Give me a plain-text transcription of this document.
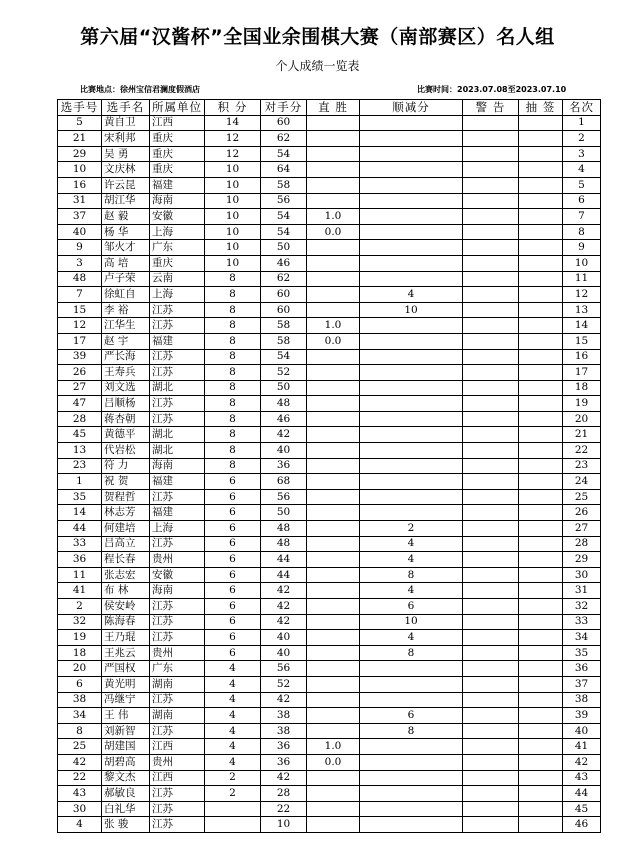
第六届“汉酱杯”全国业余围棋大赛（南部赛区）名人组
个人成绩一览表
比赛地点：徐州宝信君澜度假酒店	比赛时间：2023.07.08至2023.07.10
选手号	选手名	所属单位	积 分	对手分	直 胜	顺减分	警 告	抽 签	名次
5	黄自卫	江西	14	60					1
21	宋利邦	重庆	12	62					2
29	吴 勇	重庆	12	54					3
10	文庆林	重庆	10	64					4
16	许云昆	福建	10	58					5
31	胡江华	海南	10	56					6
37	赵 毅	安徽	10	54	1.0				7
40	杨 华	上海	10	54	0.0				8
9	邹火才	广东	10	50					9
3	高 培	重庆	10	46					10
48	卢子荣	云南	8	62					11
7	徐虹自	上海	8	60		4			12
15	李 裕	江苏	8	60		10			13
12	江华生	江苏	8	58	1.0				14
17	赵 宇	福建	8	58	0.0				15
39	严长海	江苏	8	54					16
26	王寿兵	江苏	8	52					17
27	刘文选	湖北	8	50					18
47	吕顺杨	江苏	8	48					19
28	蒋杏朝	江苏	8	46					20
45	黄德平	湖北	8	42					21
13	代岩松	湖北	8	40					22
23	符 力	海南	8	36					23
1	祝 贺	福建	6	68					24
35	贺程哲	江苏	6	56					25
14	林志芳	福建	6	50					26
44	何建培	上海	6	48		2			27
33	吕高立	江苏	6	48		4			28
36	程长春	贵州	6	44		4			29
11	张志宏	安徽	6	44		8			30
41	布 林	海南	6	42		4			31
2	侯安岭	江苏	6	42		6			32
32	陈海春	江苏	6	42		10			33
19	王乃琨	江苏	6	40		4			34
18	王兆云	贵州	6	40		8			35
20	严国权	广东	4	56					36
6	黄光明	湖南	4	52					37
38	冯继宁	江苏	4	42					38
34	王 伟	湖南	4	38		6			39
8	刘新智	江苏	4	38		8			40
25	胡建国	江西	4	36	1.0				41
42	胡碧高	贵州	4	36	0.0				42
22	黎文杰	江西	2	42					43
43	郝敏良	江苏	2	28					44
30	白礼华	江苏		22					45
4	张 骏	江苏		10					46
